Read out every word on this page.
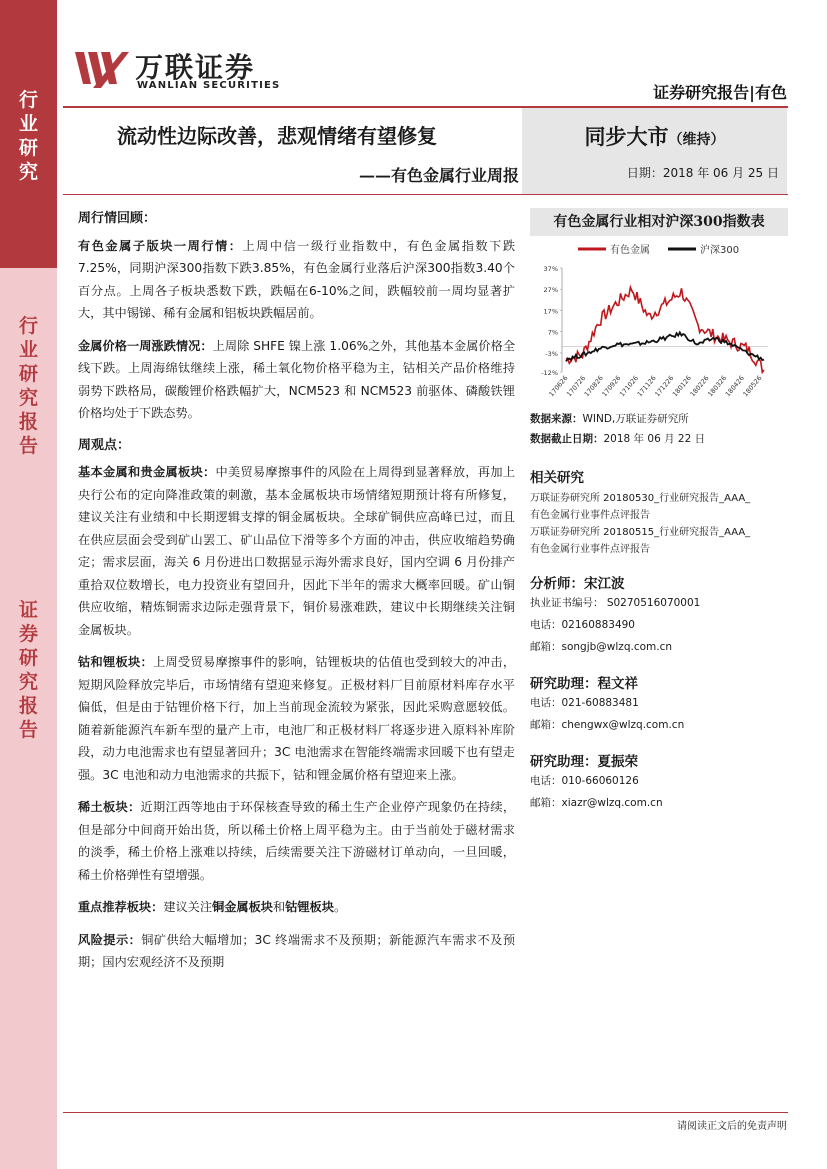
行
业
研
究
行
业
研
究
报
告
证
券
研
究
报
告
万联证券
WANLIAN SECURITIES	证券研究报告|有色
流动性边际改善，悲观情绪有望修复
——有色金属行业周报
同步大市（维持）
日期：2018 年 06 月 25 日

周行情回顾：

有色金属子版块一周行情：上周中信一级行业指数中，有色金属指数下跌7.25%，同期沪深300指数下跌3.85%，有色金属行业落后沪深300指数3.40个百分点。上周各子板块悉数下跌，跌幅在6-10%之间，跌幅较前一周均显著扩大，其中锡锑、稀有金属和铝板块跌幅居前。

金属价格一周涨跌情况：上周除 SHFE 镍上涨 1.06%之外，其他基本金属价格全线下跌。上周海绵钛继续上涨，稀土氧化物价格平稳为主，钴相关产品价格维持弱势下跌格局，碳酸锂价格跌幅扩大，NCM523 和 NCM523 前驱体、磷酸铁锂价格均处于下跌态势。

周观点：

基本金属和贵金属板块：中美贸易摩擦事件的风险在上周得到显著释放，再加上央行公布的定向降准政策的刺激，基本金属板块市场情绪短期预计将有所修复，建议关注有业绩和中长期逻辑支撑的铜金属板块。全球矿铜供应高峰已过，而且在供应层面会受到矿山罢工、矿山品位下滑等多个方面的冲击，供应收缩趋势确定；需求层面，海关 6 月份进出口数据显示海外需求良好，国内空调 6 月份排产重拾双位数增长，电力投资业有望回升，因此下半年的需求大概率回暖。矿山铜供应收缩，精炼铜需求边际走强背景下，铜价易涨难跌，建议中长期继续关注铜金属板块。

钴和锂板块：上周受贸易摩擦事件的影响，钴锂板块的估值也受到较大的冲击，短期风险释放完毕后，市场情绪有望迎来修复。正极材料厂目前原材料库存水平偏低，但是由于钴锂价格下行，加上当前现金流较为紧张，因此采购意愿较低。随着新能源汽车新车型的量产上市，电池厂和正极材料厂将逐步进入原料补库阶段，动力电池需求也有望显著回升；3C 电池需求在智能终端需求回暖下也有望走强。3C 电池和动力电池需求的共振下，钴和锂金属价格有望迎来上涨。

稀土板块：近期江西等地由于环保核查导致的稀土生产企业停产现象仍在持续，但是部分中间商开始出货，所以稀土价格上周平稳为主。由于当前处于磁材需求的淡季，稀土价格上涨难以持续，后续需要关注下游磁材订单动向，一旦回暖，稀土价格弹性有望增强。

重点推荐板块：建议关注铜金属板块和钴锂板块。

风险提示：铜矿供给大幅增加；3C 终端需求不及预期；新能源汽车需求不及预期；国内宏观经济不及预期

有色金属行业相对沪深300指数表
有色金属	沪深300
37%
27%
17%
7%
-3%
-12%
170626
170726
170826
170926
171026
171126
171226
180126
180226
180326
180426
180526
数据来源：WIND,万联证券研究所
数据截止日期：2018 年 06 月 22 日

相关研究

万联证券研究所 20180530_行业研究报告_AAA_
有色金属行业事件点评报告
万联证券研究所 20180515_行业研究报告_AAA_
有色金属行业事件点评报告

分析师：宋江波

执业证书编号： S0270516070001
电话：02160883490
邮箱：songjb@wlzq.com.cn

研究助理：程文祥

电话：021-60883481
邮箱：chengwx@wlzq.com.cn

研究助理：夏振荣

电话：010-66060126
邮箱：xiazr@wlzq.com.cn
请阅读正文后的免责声明
